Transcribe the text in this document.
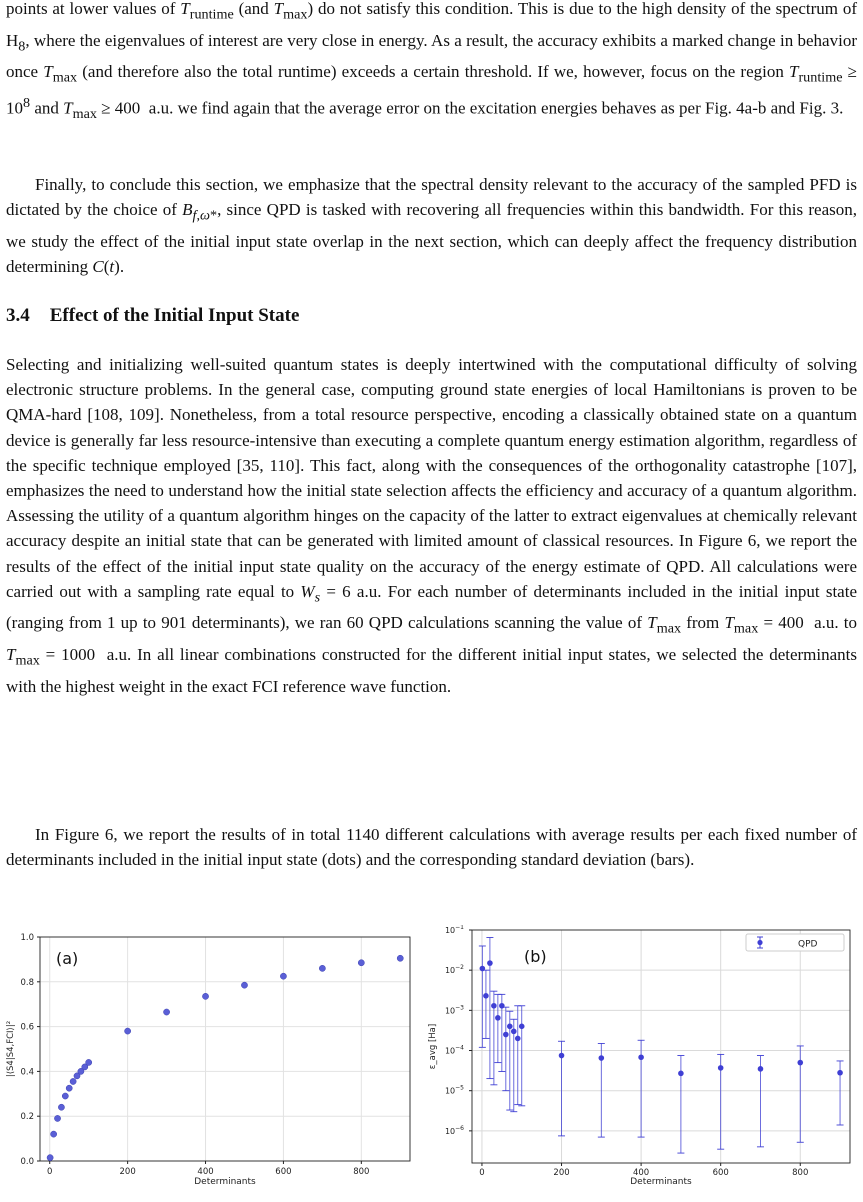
points at lower values of $T_{runtime}$ (and $T_{max}$) do not satisfy this condition. This is due to the high density of the spectrum of $H_8$, where the eigenvalues of interest are very close in energy. As a result, the accuracy exhibits a marked change in behavior once $T_{max}$ (and therefore also the total runtime) exceeds a certain threshold. If we, however, focus on the region $T_{runtime} \ge 10^8$ and $T_{max} \ge 400$  a.u. we find again that the average error on the excitation energies behaves as per Fig. 4a-b and Fig. 3.

Finally, to conclude this section, we emphasize that the spectral density relevant to the accuracy of the sampled PFD is dictated by the choice of $B_{f,\omega*}$, since QPD is tasked with recovering all frequencies within this bandwidth. For this reason, we study the effect of the initial input state overlap in the next section, which can deeply affect the frequency distribution determining C(t).

3.4 Effect of the Initial Input State

Selecting and initializing well-suited quantum states is deeply intertwined with the computational difficulty of solving electronic structure problems. In the general case, computing ground state energies of local Hamiltonians is proven to be QMA-hard [108, 109]. Nonetheless, from a total resource perspective, encoding a classically obtained state on a quantum device is generally far less resource-intensive than executing a complete quantum energy estimation algorithm, regardless of the specific technique employed [35, 110]. This fact, along with the consequences of the orthogonality catastrophe [107], emphasizes the need to understand how the initial state selection affects the efficiency and accuracy of a quantum algorithm. Assessing the utility of a quantum algorithm hinges on the capacity of the latter to extract eigenvalues at chemically relevant accuracy despite an initial state that can be generated with limited amount of classical resources. In Figure 6, we report the results of the effect of the initial input state quality on the accuracy of the energy estimate of QPD. All calculations were carried out with a sampling rate equal to $W_s = 6$ a.u. For each number of determinants included in the initial input state (ranging from 1 up to 901 determinants), we ran 60 QPD calculations scanning the value of $T_{max}$ from $T_{max} = 400$  a.u. to $T_{max} = 1000$  a.u. In all linear combinations constructed for the different initial input states, we selected the determinants with the highest weight in the exact FCI reference wave function.

In Figure 6, we report the results of in total 1140 different calculations with average results per each fixed number of determinants included in the initial input state (dots) and the corresponding standard deviation (bars).

0	200	400	600	800
0.0
0.2
0.4
0.6
0.8
1.0
Determinants
|⟨S4|S4,FCI⟩|²
(a)
0	200	400	600	800
$10^{-6}$
$10^{-5}$
$10^{-4}$
$10^{-3}$
$10^{-2}$
$10^{-1}$
Determinants
ε_avg [Ha]
(b)
QPD
